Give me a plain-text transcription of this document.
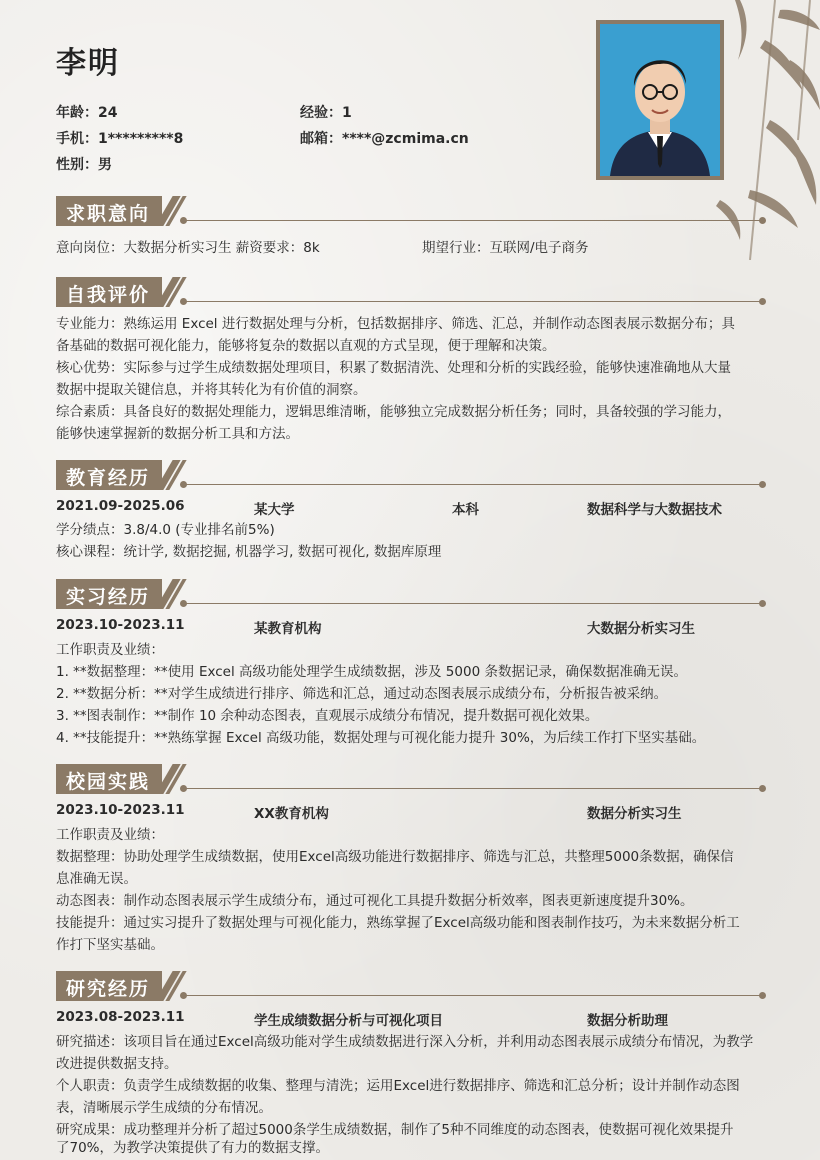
李明
年龄：24	经验：1
手机：1*********8	邮箱：****@zcmima.cn
性别：男
求职意向
意向岗位：大数据分析实习生 薪资要求：8k	期望行业：互联网/电子商务
自我评价
专业能力：熟练运用 Excel 进行数据处理与分析，包括数据排序、筛选、汇总，并制作动态图表展示数据分布；具
备基础的数据可视化能力，能够将复杂的数据以直观的方式呈现，便于理解和决策。
核心优势：实际参与过学生成绩数据处理项目，积累了数据清洗、处理和分析的实践经验，能够快速准确地从大量
数据中提取关键信息，并将其转化为有价值的洞察。
综合素质：具备良好的数据处理能力，逻辑思维清晰，能够独立完成数据分析任务；同时，具备较强的学习能力，
能够快速掌握新的数据分析工具和方法。
教育经历
2021.09-2025.06	某大学	本科	数据科学与大数据技术
学分绩点：3.8/4.0 (专业排名前5%)
核心课程：统计学, 数据挖掘, 机器学习, 数据可视化, 数据库原理
实习经历
2023.10-2023.11	某教育机构	大数据分析实习生
工作职责及业绩：
1. **数据整理：**使用 Excel 高级功能处理学生成绩数据，涉及 5000 条数据记录，确保数据准确无误。
2. **数据分析：**对学生成绩进行排序、筛选和汇总，通过动态图表展示成绩分布，分析报告被采纳。
3. **图表制作：**制作 10 余种动态图表，直观展示成绩分布情况，提升数据可视化效果。
4. **技能提升：**熟练掌握 Excel 高级功能，数据处理与可视化能力提升 30%，为后续工作打下坚实基础。
校园实践
2023.10-2023.11	XX教育机构	数据分析实习生
工作职责及业绩：
数据整理：协助处理学生成绩数据，使用Excel高级功能进行数据排序、筛选与汇总，共整理5000条数据，确保信
息准确无误。
动态图表：制作动态图表展示学生成绩分布，通过可视化工具提升数据分析效率，图表更新速度提升30%。
技能提升：通过实习提升了数据处理与可视化能力，熟练掌握了Excel高级功能和图表制作技巧，为未来数据分析工
作打下坚实基础。
研究经历
2023.08-2023.11	学生成绩数据分析与可视化项目	数据分析助理
研究描述：该项目旨在通过Excel高级功能对学生成绩数据进行深入分析，并利用动态图表展示成绩分布情况，为教学
改进提供数据支持。
个人职责：负责学生成绩数据的收集、整理与清洗；运用Excel进行数据排序、筛选和汇总分析；设计并制作动态图
表，清晰展示学生成绩的分布情况。
研究成果：成功整理并分析了超过5000条学生成绩数据，制作了5种不同维度的动态图表，使数据可视化效果提升
了70%，为教学决策提供了有力的数据支撑。
